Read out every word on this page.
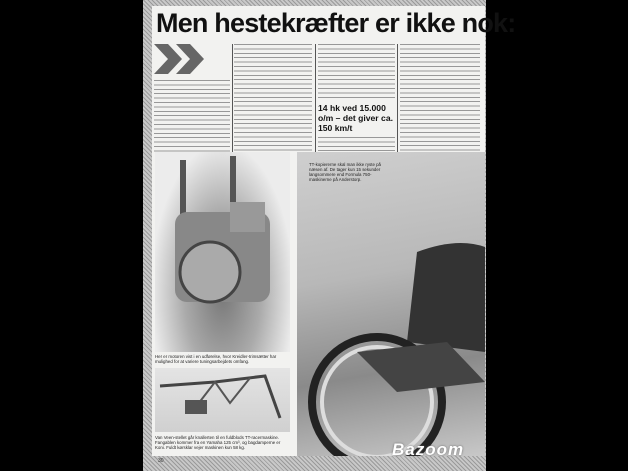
Men hestekræfter er ikke nok:
14 hk ved 15.000 o/m – det giver ca. 150 km/t
Her er motoren vist i en udførelse, hvor Kreidler-trimsætter har mulighed for at variere tuningsarbejdets omfang.
Van Veen-stellet går knallerten til en fuldblods TT-racermaskine. Fangablen kommer fra en Yamaha 125 cm³, og bagdamperne er Koni. Fuldt kørsklar vejer maskinen kun 58 kg.
TT-kopiererne skal man ikke ryste på næsen af. De tager kun 15 sekunder langsommere end Formula 750-maskinerne på Anderstorp.
30
Bazoom
